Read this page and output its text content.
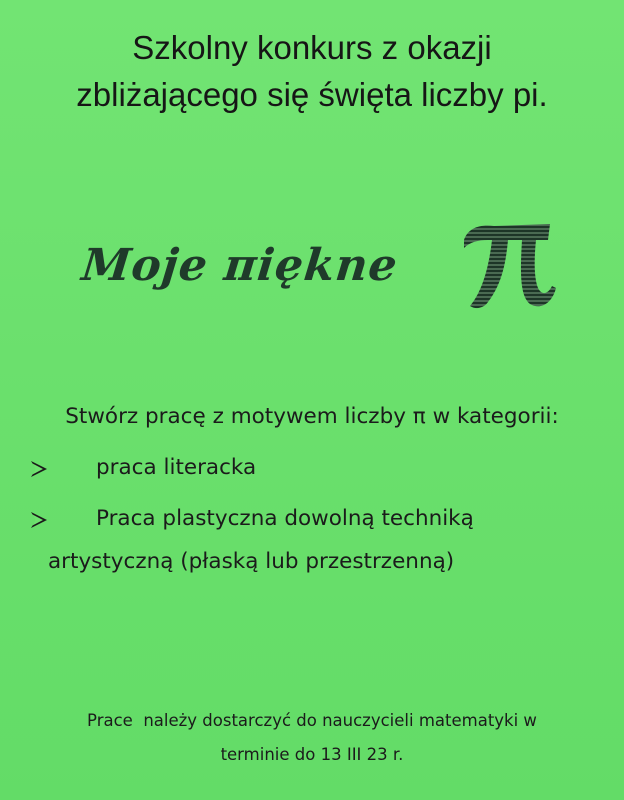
Szkolny konkurs z okazji
zbliżającego się święta liczby pi.
Moje πiękne
Stwórz pracę z motywem liczby π w kategorii:
praca literacka
Praca plastyczna dowolną techniką
artystyczną (płaską lub przestrzenną)
Prace  należy dostarczyć do nauczycieli matematyki w
terminie do 13 III 23 r.
